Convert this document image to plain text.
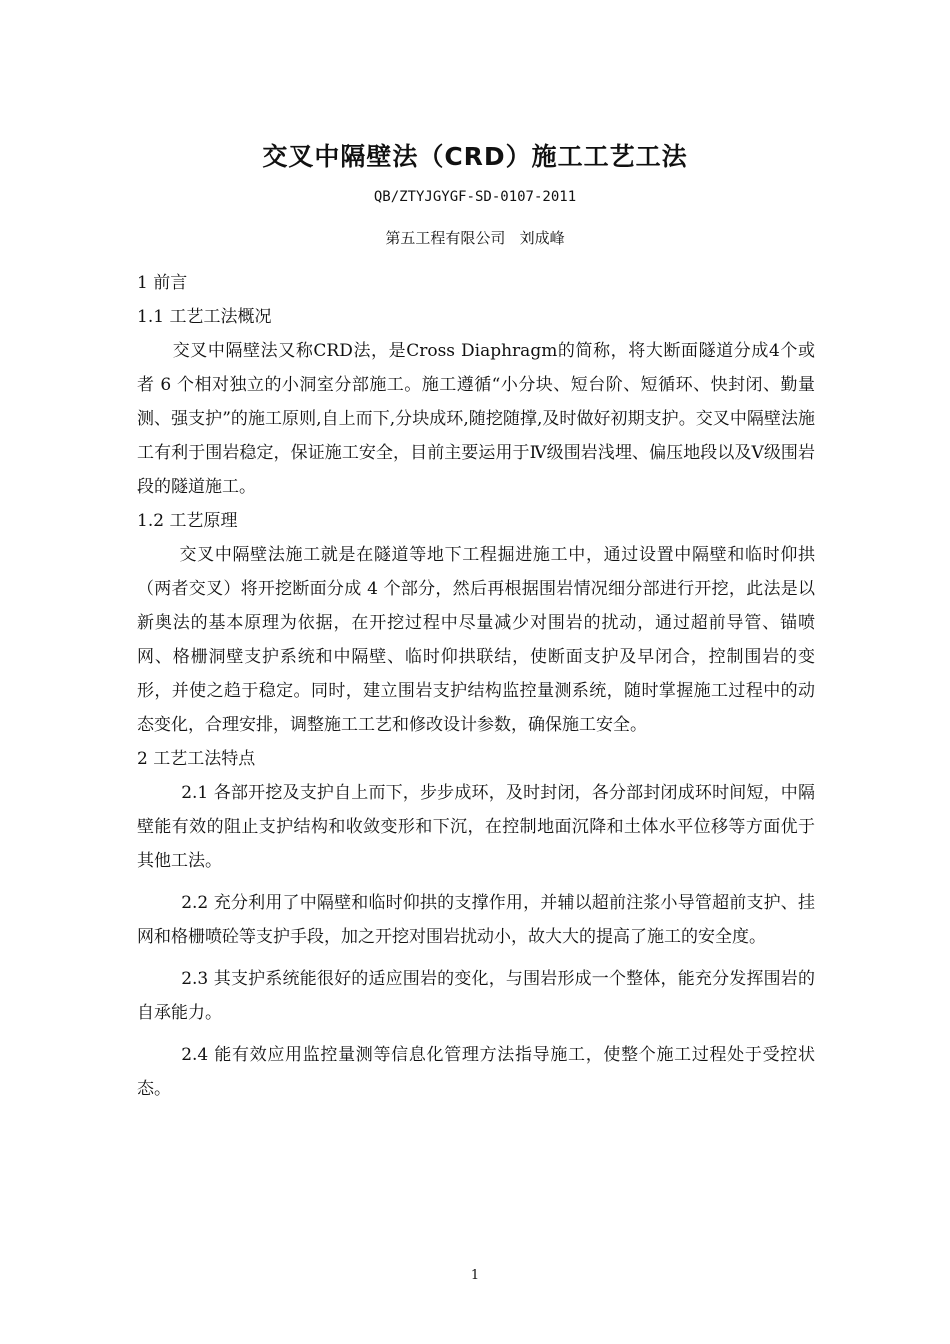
交叉中隔壁法（CRD）施工工艺工法
QB/ZTYJGYGF-SD-0107-2011
第五工程有限公司   刘成峰

1 前言

1.1 工艺工法概况

交叉中隔壁法又称CRD法，是Cross Diaphragm的简称，将大断面隧道分成4个或者 6 个相对独立的小洞室分部施工。施工遵循“小分块、短台阶、短循环、快封闭、勤量测、强支护”的施工原则,自上而下,分块成环,随挖随撑,及时做好初期支护。交叉中隔壁法施工有利于围岩稳定，保证施工安全，目前主要运用于Ⅳ级围岩浅埋、偏压地段以及Ⅴ级围岩段的隧道施工。

1.2 工艺原理

交叉中隔壁法施工就是在隧道等地下工程掘进施工中，通过设置中隔壁和临时仰拱（两者交叉）将开挖断面分成 4 个部分，然后再根据围岩情况细分部进行开挖，此法是以新奥法的基本原理为依据，在开挖过程中尽量减少对围岩的扰动，通过超前导管、锚喷网、格栅洞壁支护系统和中隔壁、临时仰拱联结，使断面支护及早闭合，控制围岩的变形，并使之趋于稳定。同时，建立围岩支护结构监控量测系统，随时掌握施工过程中的动态变化，合理安排，调整施工工艺和修改设计参数，确保施工安全。

2 工艺工法特点

2.1 各部开挖及支护自上而下，步步成环，及时封闭，各分部封闭成环时间短，中隔壁能有效的阻止支护结构和收敛变形和下沉，在控制地面沉降和土体水平位移等方面优于其他工法。

2.2 充分利用了中隔壁和临时仰拱的支撑作用，并辅以超前注浆小导管超前支护、挂网和格栅喷砼等支护手段，加之开挖对围岩扰动小，故大大的提高了施工的安全度。

2.3 其支护系统能很好的适应围岩的变化，与围岩形成一个整体，能充分发挥围岩的自承能力。

2.4 能有效应用监控量测等信息化管理方法指导施工，使整个施工过程处于受控状态。

1
